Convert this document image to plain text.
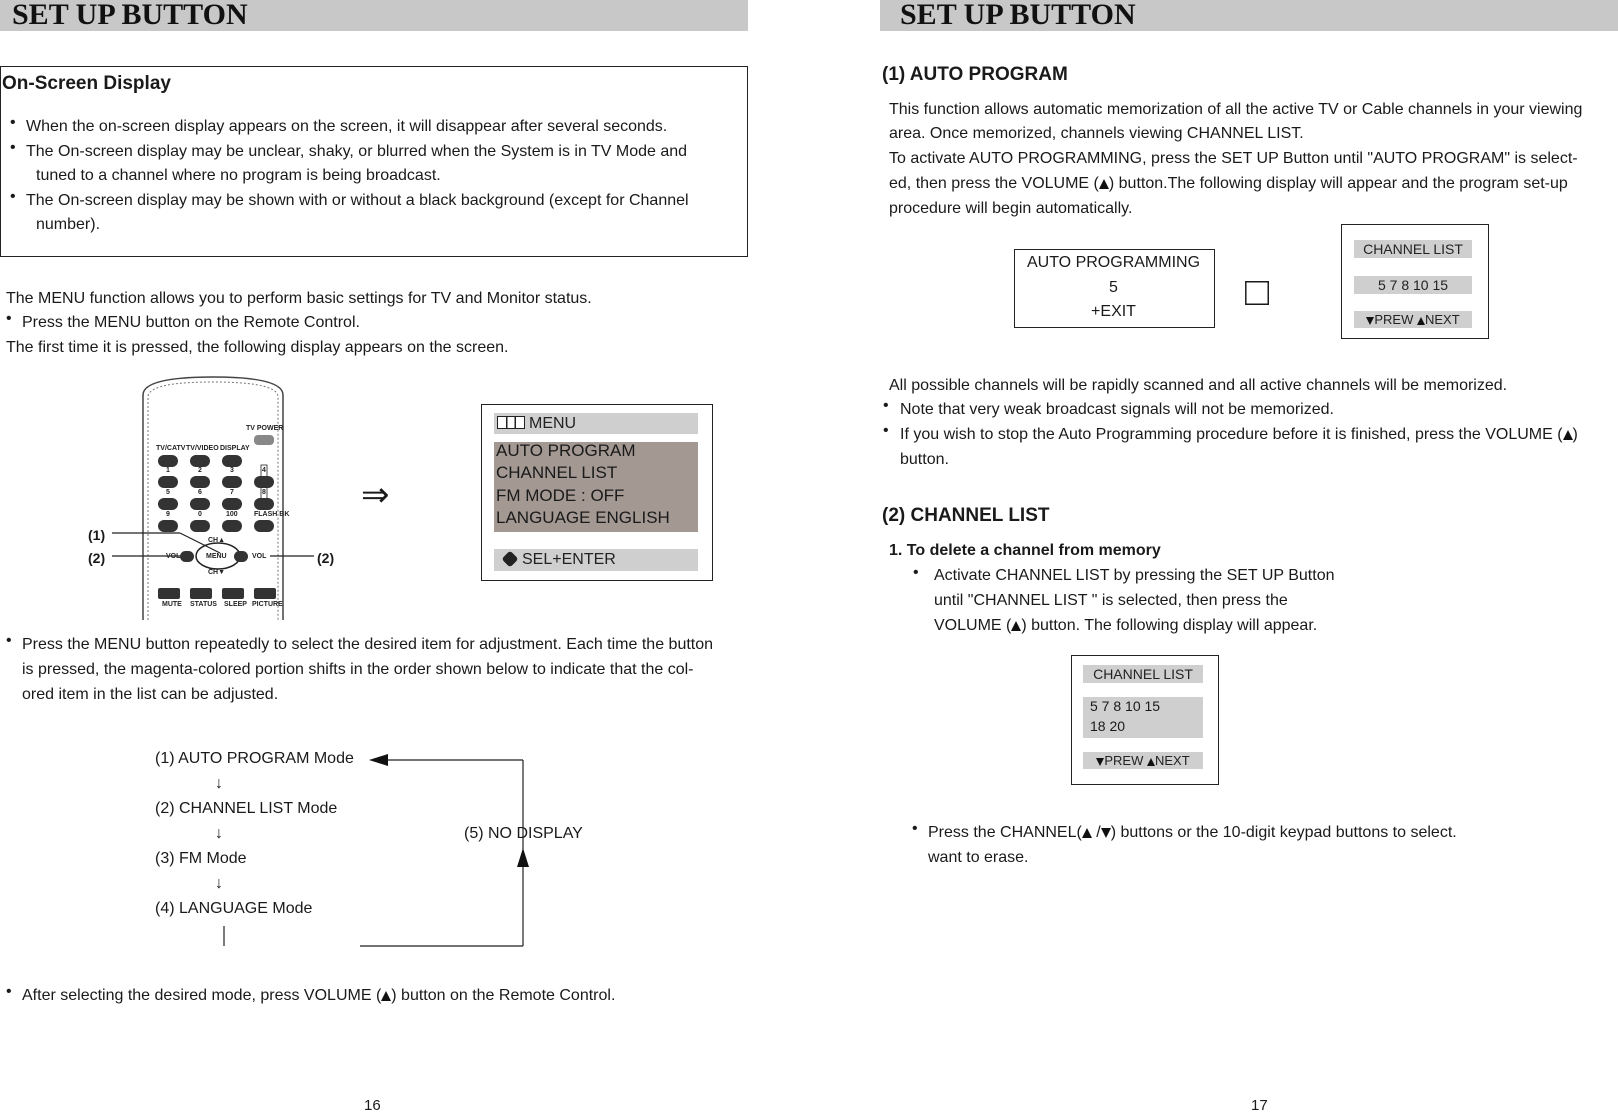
SET UP BUTTON
On-Screen Display
• When the on-screen display appears on the screen, it will disappear after several seconds.
• The On-screen display may be unclear, shaky, or blurred when the System is in TV Mode and
tuned to a channel where no program is being broadcast.
• The On-screen display may be shown with or without a black background (except for Channel
number).
The MENU function allows you to perform basic settings for TV and Monitor status.
• Press the MENU button on the Remote Control.
The first time it is pressed, the following display appears on the screen.
TV POWER
TV/CATV TV/VIDEO DISPLAY
1	2	3	4
5	6	7	8
9	0	100 FLASH BK
CH▲
VOL	MENU	VOL
CH▼
MUTE STATUS SLEEP PICTURE
(1)
(2)	(2)
⇒
MENU
AUTO PROGRAM
CHANNEL LIST
FM MODE : OFF
LANGUAGE ENGLISH
SEL+ENTER
• Press the MENU button repeatedly to select the desired item for adjustment. Each time the button
is pressed, the magenta-colored portion shifts in the order shown below to indicate that the col-
ored item in the list can be adjusted.
(1) AUTO PROGRAM Mode
↓
(2) CHANNEL LIST Mode
↓
(3) FM Mode
↓
(4) LANGUAGE Mode
(5) NO DISPLAY
• After selecting the desired mode, press VOLUME ( ) button on the Remote Control.
16
SET UP BUTTON
(1) AUTO PROGRAM
This function allows automatic memorization of all the active TV or Cable channels in your viewing
area. Once memorized, channels viewing CHANNEL LIST.
To activate AUTO PROGRAMMING, press the SET UP Button until "AUTO PROGRAM" is select-
ed, then press the VOLUME ( ) button.The following display will appear and the program set-up
procedure will begin automatically.
AUTO PROGRAMMING
5
+EXIT	□
CHANNEL LIST
5 7 8 10 15
PREW NEXT
All possible channels will be rapidly scanned and all active channels will be memorized.
• Note that very weak broadcast signals will not be memorized.
• If you wish to stop the Auto Programming procedure before it is finished, press the VOLUME ( )
button.
(2) CHANNEL LIST
1. To delete a channel from memory
• Activate CHANNEL LIST by pressing the SET UP Button
until "CHANNEL LIST " is selected, then press the
VOLUME ( ) button. The following display will appear.
CHANNEL LIST
5 7 8 10 15
18 20
PREW NEXT
• Press the CHANNEL( / ) buttons or the 10-digit keypad buttons to select.
want to erase.
17
